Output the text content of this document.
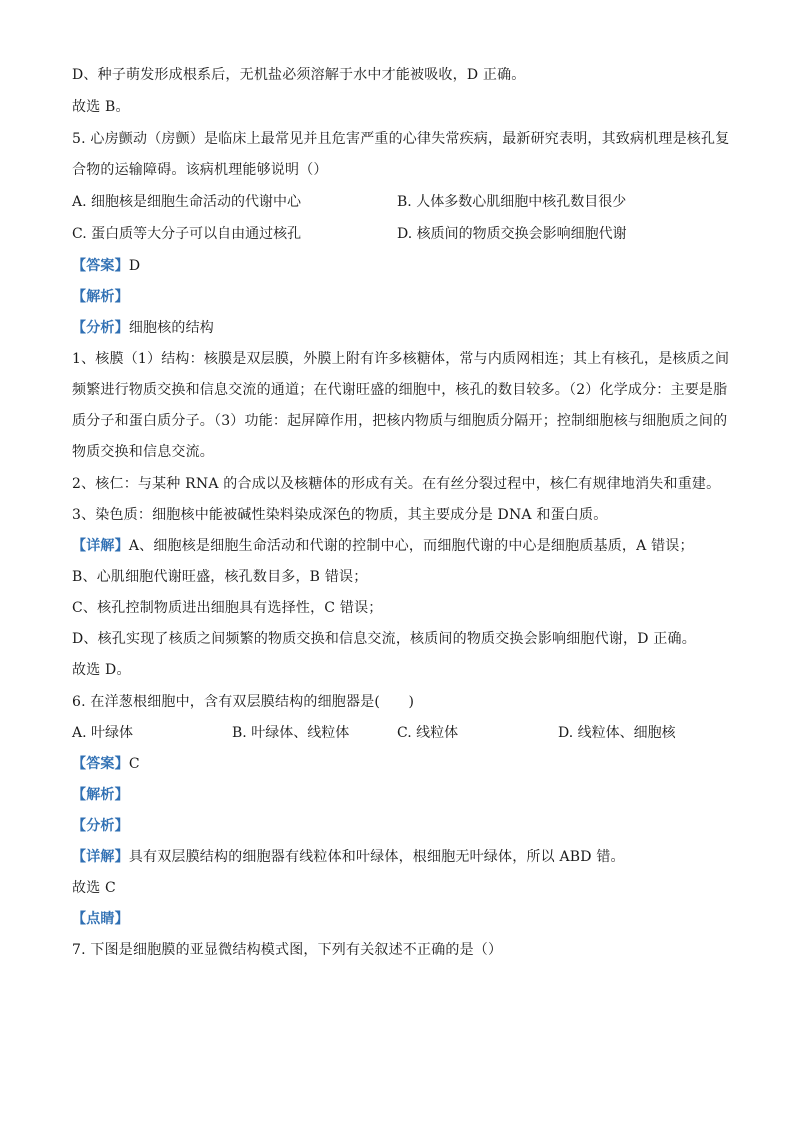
D、种子萌发形成根系后，无机盐必须溶解于水中才能被吸收，D 正确。
故选 B。
5. 心房颤动（房颤）是临床上最常见并且危害严重的心律失常疾病，最新研究表明，其致病机理是核孔复
合物的运输障碍。该病机理能够说明（）
A. 细胞核是细胞生命活动的代谢中心	B. 人体多数心肌细胞中核孔数目很少
C. 蛋白质等大分子可以自由通过核孔	D. 核质间的物质交换会影响细胞代谢
【答案】D
【解析】
【分析】细胞核的结构
1、核膜（1）结构：核膜是双层膜，外膜上附有许多核糖体，常与内质网相连；其上有核孔，是核质之间
频繁进行物质交换和信息交流的通道；在代谢旺盛的细胞中，核孔的数目较多。（2）化学成分：主要是脂
质分子和蛋白质分子。（3）功能：起屏障作用，把核内物质与细胞质分隔开；控制细胞核与细胞质之间的
物质交换和信息交流。
2、核仁：与某种 RNA 的合成以及核糖体的形成有关。在有丝分裂过程中，核仁有规律地消失和重建。
3、染色质：细胞核中能被碱性染料染成深色的物质，其主要成分是 DNA 和蛋白质。
【详解】A、细胞核是细胞生命活动和代谢的控制中心，而细胞代谢的中心是细胞质基质，A 错误；
B、心肌细胞代谢旺盛，核孔数目多，B 错误；
C、核孔控制物质进出细胞具有选择性，C 错误；
D、核孔实现了核质之间频繁的物质交换和信息交流，核质间的物质交换会影响细胞代谢，D 正确。
故选 D。
6. 在洋葱根细胞中，含有双层膜结构的细胞器是(　　)
A. 叶绿体	B. 叶绿体、线粒体	C. 线粒体	D. 线粒体、细胞核
【答案】C
【解析】
【分析】
【详解】具有双层膜结构的细胞器有线粒体和叶绿体，根细胞无叶绿体，所以 ABD 错。
故选 C
【点睛】
7. 下图是细胞膜的亚显微结构模式图，下列有关叙述不正确的是（）
